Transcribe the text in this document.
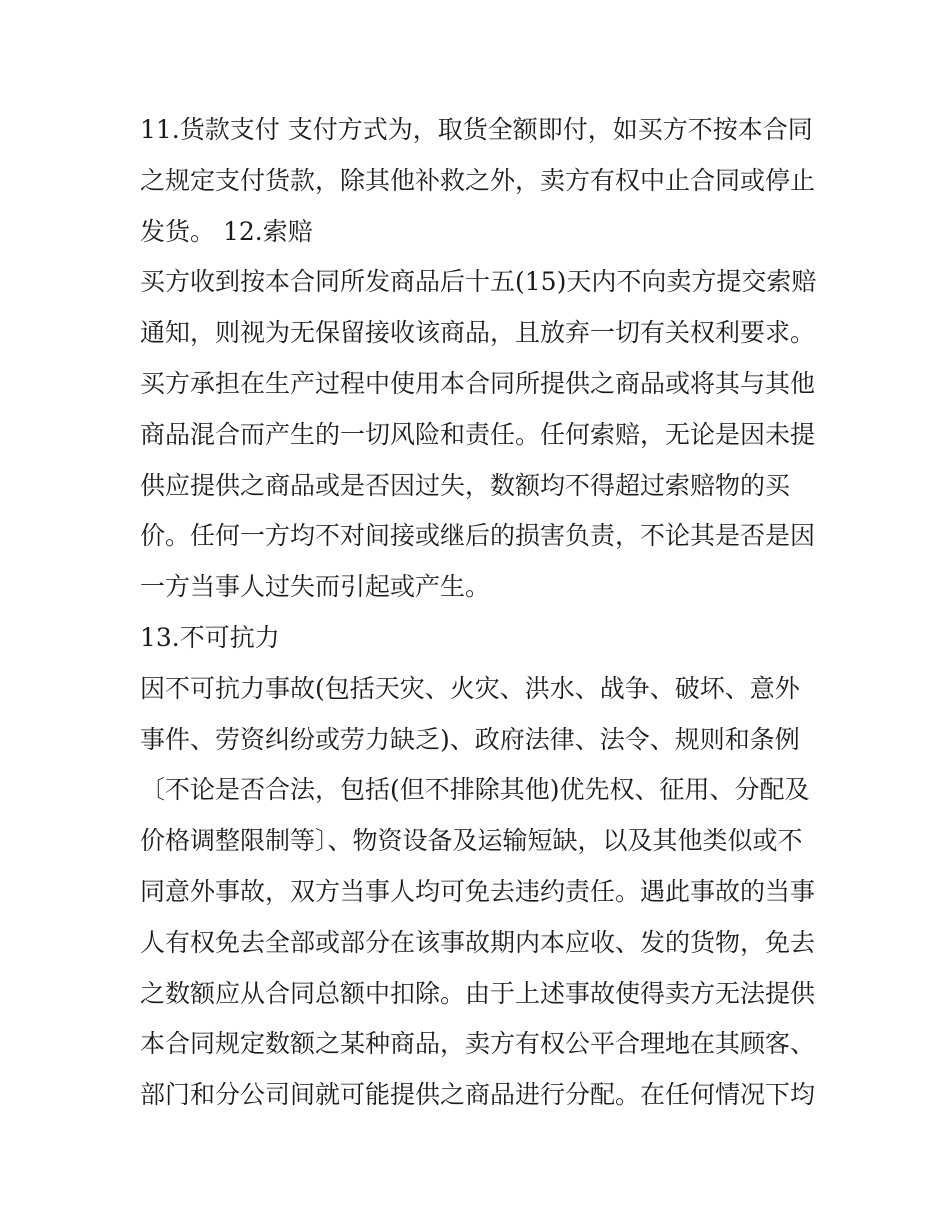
11.货款支付 支付方式为，取货全额即付，如买方不按本合同
之规定支付货款，除其他补救之外，卖方有权中止合同或停止
发货。 12.索赔
买方收到按本合同所发商品后十五(15)天内不向卖方提交索赔
通知，则视为无保留接收该商品，且放弃一切有关权利要求。
买方承担在生产过程中使用本合同所提供之商品或将其与其他
商品混合而产生的一切风险和责任。任何索赔，无论是因未提
供应提供之商品或是否因过失，数额均不得超过索赔物的买
价。任何一方均不对间接或继后的损害负责，不论其是否是因
一方当事人过失而引起或产生。
13.不可抗力
因不可抗力事故(包括天灾、火灾、洪水、战争、破坏、意外
事件、劳资纠纷或劳力缺乏)、政府法律、法令、规则和条例
〔不论是否合法，包括(但不排除其他)优先权、征用、分配及
价格调整限制等〕、物资设备及运输短缺，以及其他类似或不
同意外事故，双方当事人均可免去违约责任。遇此事故的当事
人有权免去全部或部分在该事故期内本应收、发的货物，免去
之数额应从合同总额中扣除。由于上述事故使得卖方无法提供
本合同规定数额之某种商品，卖方有权公平合理地在其顾客、
部门和分公司间就可能提供之商品进行分配。在任何情况下均
